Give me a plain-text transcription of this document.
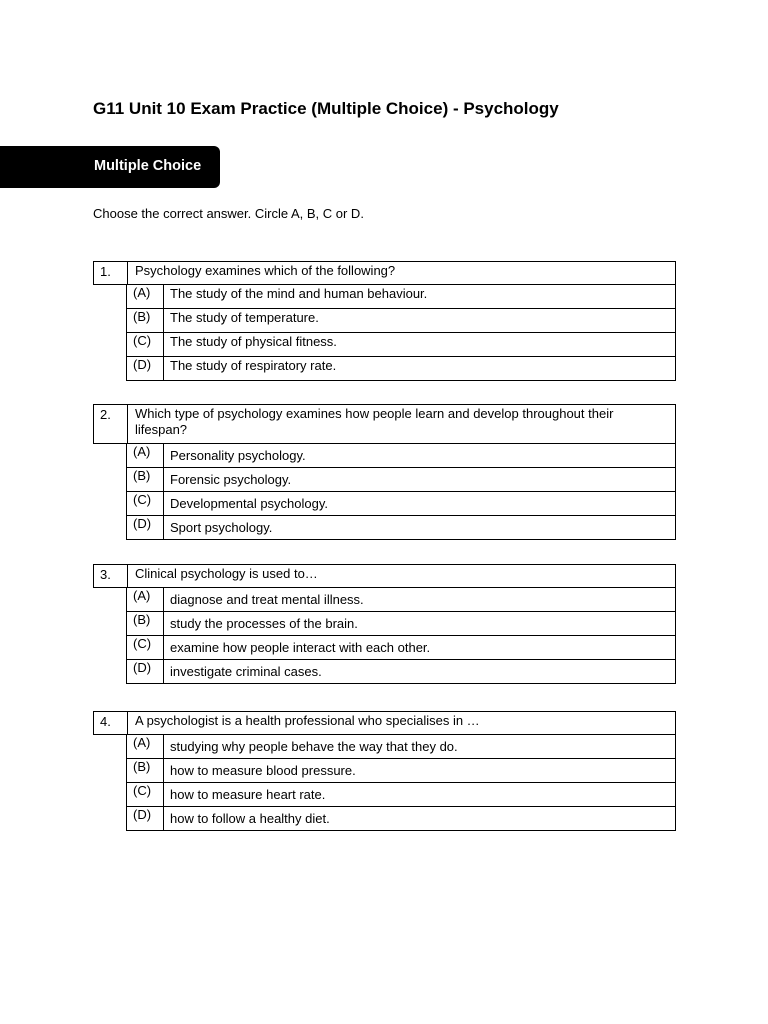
G11 Unit 10 Exam Practice (Multiple Choice) - Psychology
Multiple Choice
Choose the correct answer. Circle A, B, C or D.
1.	Psychology examines which of the following?
(A)	The study of the mind and human behaviour.
(B)	The study of temperature.
(C)	The study of physical fitness.
(D)	The study of respiratory rate.
2.	Which type of psychology examines how people learn and develop throughout their lifespan?
(A)	Personality psychology.
(B)	Forensic psychology.
(C)	Developmental psychology.
(D)	Sport psychology.
3.	Clinical psychology is used to…
(A)	diagnose and treat mental illness.
(B)	study the processes of the brain.
(C)	examine how people interact with each other.
(D)	investigate criminal cases.
4.	A psychologist is a health professional who specialises in …
(A)	studying why people behave the way that they do.
(B)	how to measure blood pressure.
(C)	how to measure heart rate.
(D)	how to follow a healthy diet.
